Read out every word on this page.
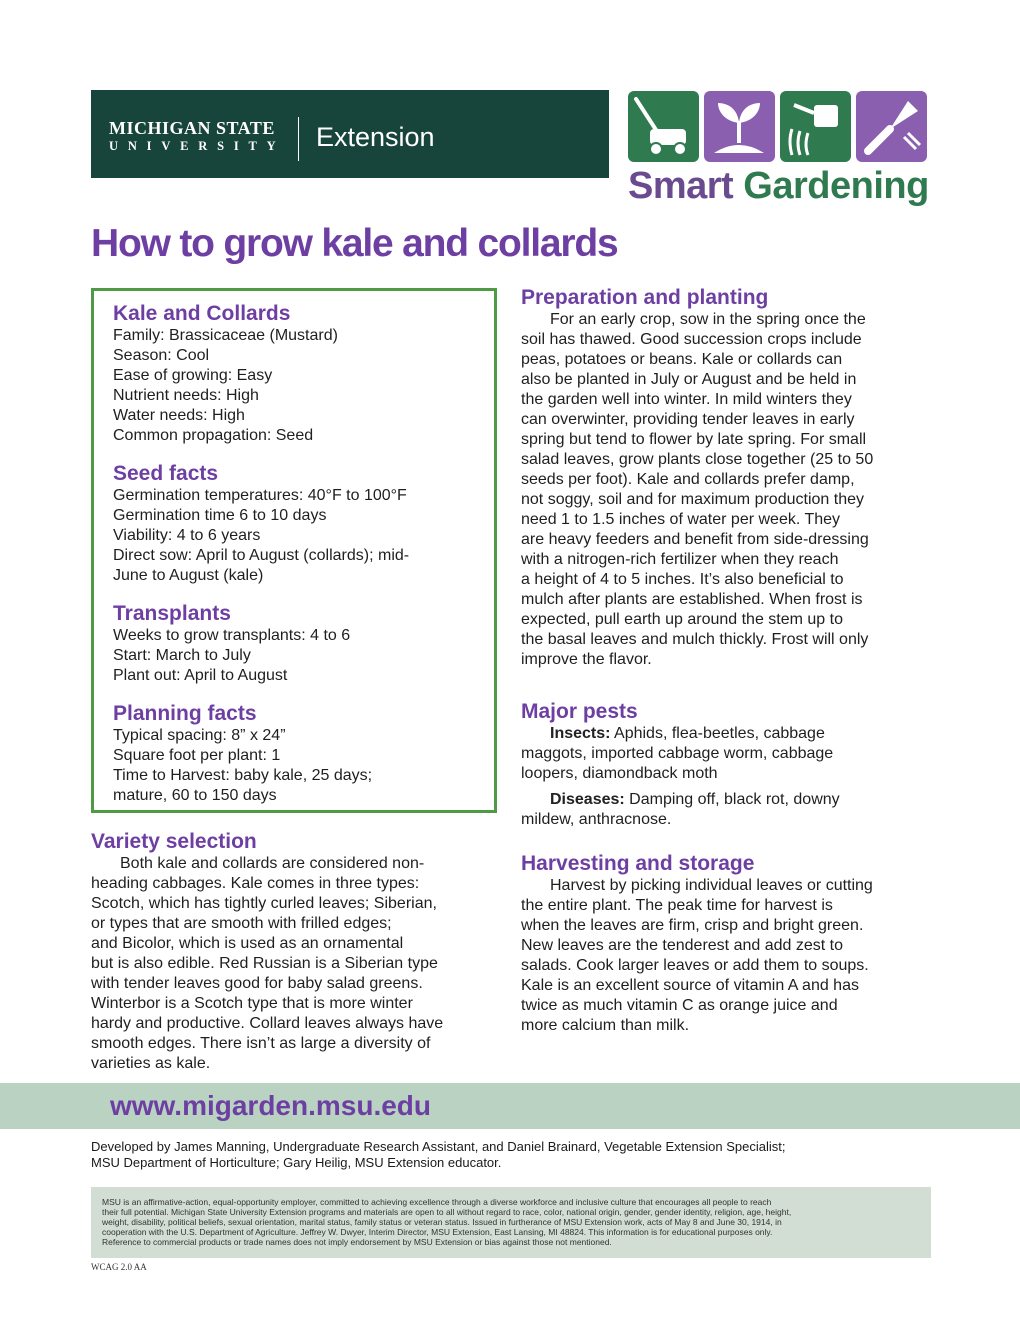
MICHIGAN STATE
UNIVERSITY Extension
Smart Gardening
How to grow kale and collards
Kale and Collards
Family: Brassicaceae (Mustard)
Season: Cool
Ease of growing: Easy
Nutrient needs: High
Water needs: High
Common propagation: Seed
Seed facts
Germination temperatures: 40°F to 100°F
Germination time 6 to 10 days
Viability: 4 to 6 years
Direct sow: April to August (collards); mid-
June to August (kale)
Transplants
Weeks to grow transplants: 4 to 6
Start: March to July
Plant out: April to August
Planning facts
Typical spacing: 8” x 24”
Square foot per plant: 1
Time to Harvest: baby kale, 25 days;
mature, 60 to 150 days
Variety selection
Both kale and collards are considered non-
heading cabbages. Kale comes in three types:
Scotch, which has tightly curled leaves; Siberian,
or types that are smooth with frilled edges;
and Bicolor, which is used as an ornamental
but is also edible. Red Russian is a Siberian type
with tender leaves good for baby salad greens.
Winterbor is a Scotch type that is more winter
hardy and productive. Collard leaves always have
smooth edges. There isn’t as large a diversity of
varieties as kale.
Preparation and planting
For an early crop, sow in the spring once the
soil has thawed. Good succession crops include
peas, potatoes or beans. Kale or collards can
also be planted in July or August and be held in
the garden well into winter. In mild winters they
can overwinter, providing tender leaves in early
spring but tend to flower by late spring. For small
salad leaves, grow plants close together (25 to 50
seeds per foot). Kale and collards prefer damp,
not soggy, soil and for maximum production they
need 1 to 1.5 inches of water per week. They
are heavy feeders and benefit from side-dressing
with a nitrogen-rich fertilizer when they reach
a height of 4 to 5 inches. It’s also beneficial to
mulch after plants are established. When frost is
expected, pull earth up around the stem up to
the basal leaves and mulch thickly. Frost will only
improve the flavor.
Major pests
Insects: Aphids, flea-beetles, cabbage
maggots, imported cabbage worm, cabbage
loopers, diamondback moth
Diseases: Damping off, black rot, downy
mildew, anthracnose.
Harvesting and storage
Harvest by picking individual leaves or cutting
the entire plant. The peak time for harvest is
when the leaves are firm, crisp and bright green.
New leaves are the tenderest and add zest to
salads. Cook larger leaves or add them to soups.
Kale is an excellent source of vitamin A and has
twice as much vitamin C as orange juice and
more calcium than milk.
www.migarden.msu.edu
Developed by James Manning, Undergraduate Research Assistant, and Daniel Brainard, Vegetable Extension Specialist;
MSU Department of Horticulture; Gary Heilig, MSU Extension educator.
MSU is an affirmative-action, equal-opportunity employer, committed to achieving excellence through a diverse workforce and inclusive culture that encourages all people to reach
their full potential. Michigan State University Extension programs and materials are open to all without regard to race, color, national origin, gender, gender identity, religion, age, height,
weight, disability, political beliefs, sexual orientation, marital status, family status or veteran status. Issued in furtherance of MSU Extension work, acts of May 8 and June 30, 1914, in
cooperation with the U.S. Department of Agriculture. Jeffrey W. Dwyer, Interim Director, MSU Extension, East Lansing, MI 48824. This information is for educational purposes only.
Reference to commercial products or trade names does not imply endorsement by MSU Extension or bias against those not mentioned.
WCAG 2.0 AA
